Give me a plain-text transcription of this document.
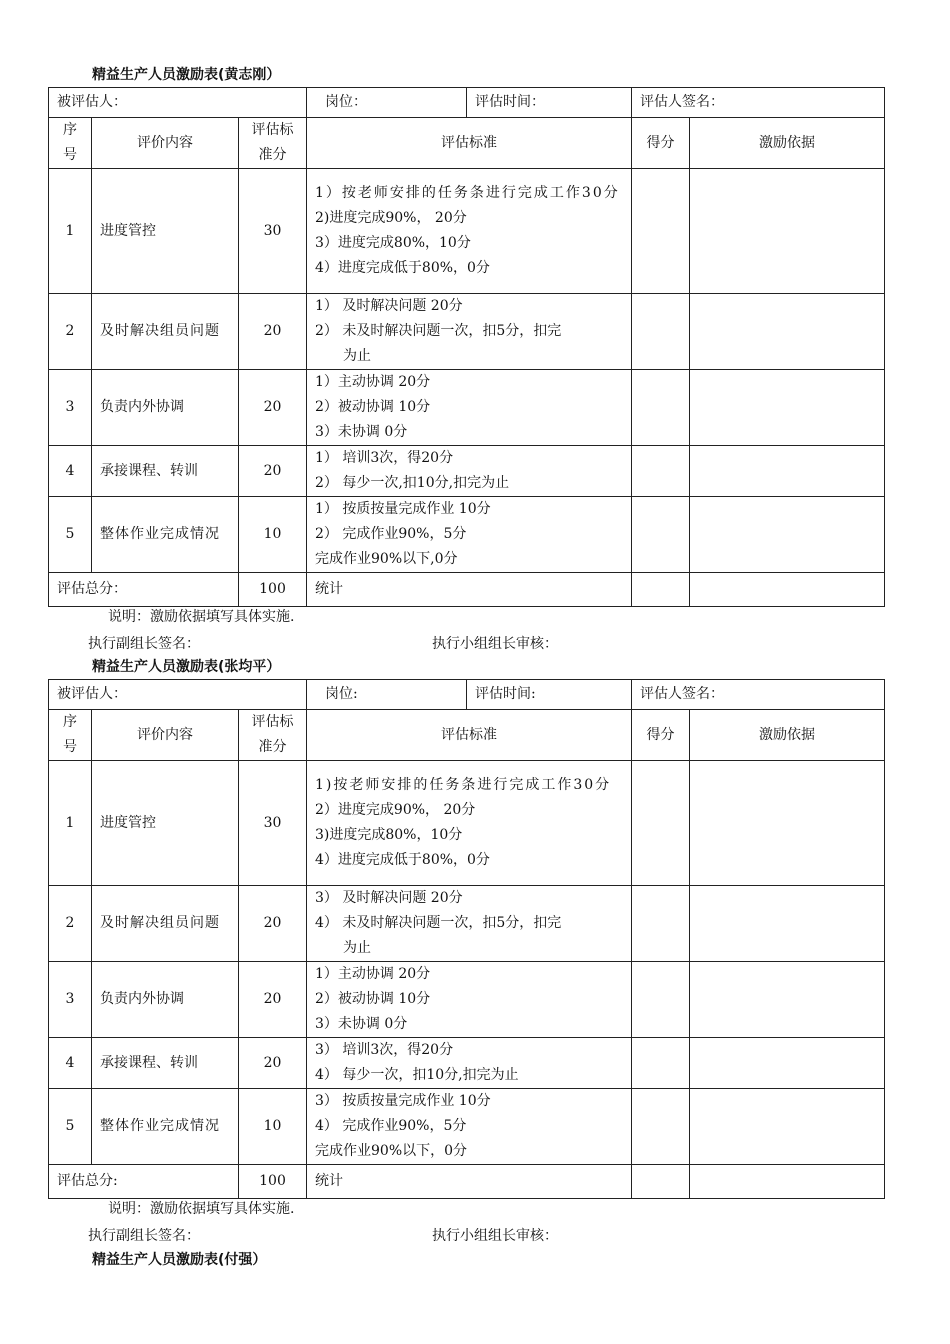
精益生产人员激励表(黄志刚）
被评估人：			岗位：	评估时间：	评估人签名：	
序号	评价内容	评估标准分	评估标准		得分	激励依据
1	进度管控	30	1）按老师安排的任务条进行完成工作30分
2)进度完成90%， 20分
3）进度完成80%，10分
4）进度完成低于80%，0分			

2	及时解决组员问题	20	1） 及时解决问题 20分
2） 未及时解决问题一次，扣5分，扣完
为止			

3	负责内外协调	20	1）主动协调 20分
2）被动协调 10分
3）未协调 0分			

4	承接课程、转训	20	1） 培训3次，得20分
2） 每少一次,扣10分,扣完为止			

5	整体作业完成情况	10	1） 按质按量完成作业 10分
2） 完成作业90%，5分
完成作业90%以下,0分			

评估总分：		100	统计			
说明：激励依据填写具体实施.
执行副组长签名：	执行小组组长审核：
精益生产人员激励表(张均平）
被评估人：			岗位:	评估时间:	评估人签名：	
序号	评价内容	评估标准分	评估标准		得分	激励依据
1	进度管控	30	1)按老师安排的任务条进行完成工作30分
2）进度完成90%， 20分
3)进度完成80%，10分
4）进度完成低于80%，0分			

2	及时解决组员问题	20	3） 及时解决问题 20分
4） 未及时解决问题一次，扣5分，扣完
为止			

3	负责内外协调	20	1）主动协调 20分
2）被动协调 10分
3）未协调 0分			

4	承接课程、转训	20	3） 培训3次，得20分
4） 每少一次，扣10分,扣完为止			

5	整体作业完成情况	10	3） 按质按量完成作业 10分
4） 完成作业90%，5分
完成作业90%以下，0分			

评估总分:		100	统计			
说明：激励依据填写具体实施.
执行副组长签名：	执行小组组长审核：
精益生产人员激励表(付强）
